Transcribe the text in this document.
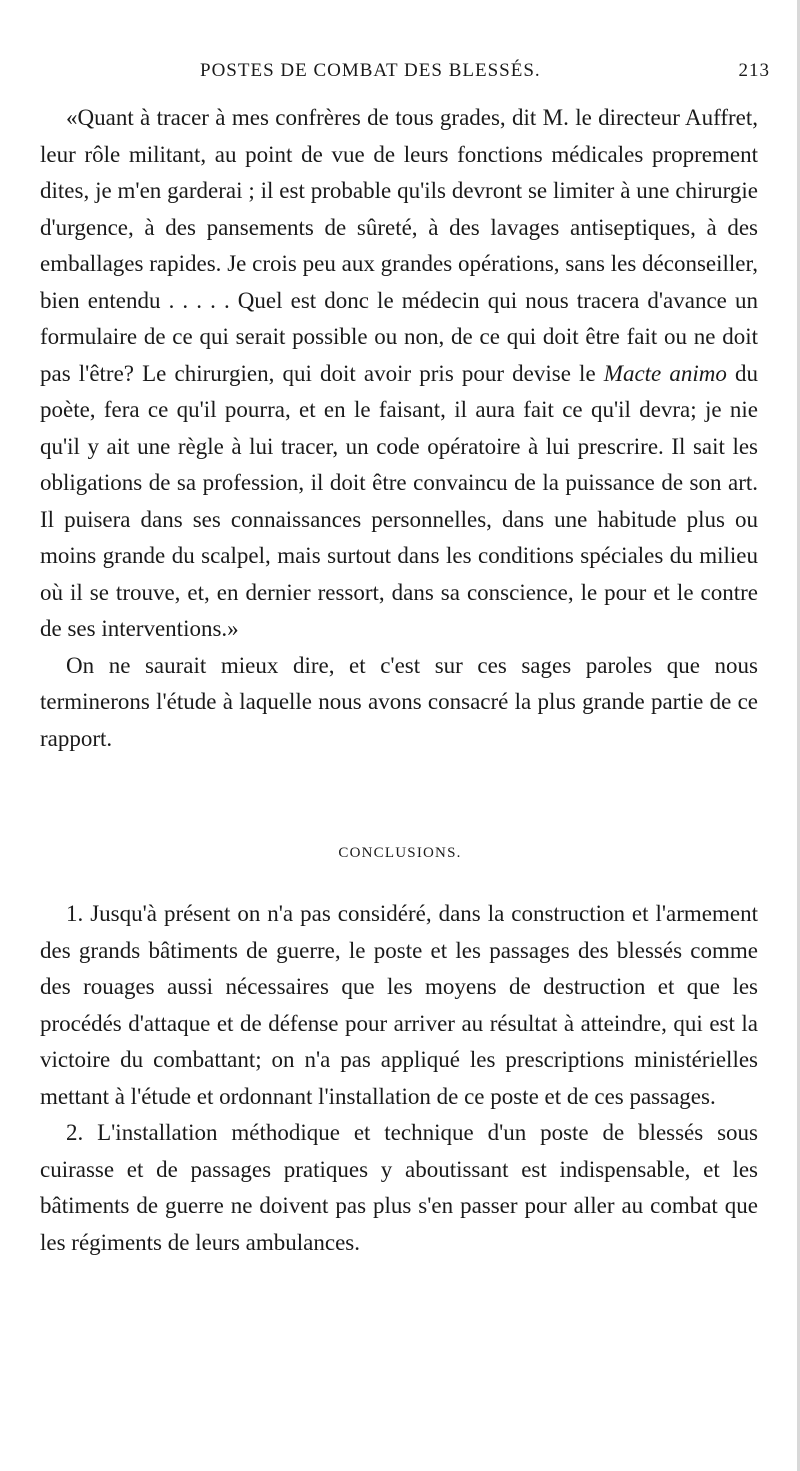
POSTES DE COMBAT DES BLESSÉS.	213

«Quant à tracer à mes confrères de tous grades, dit M. le directeur Auffret, leur rôle militant, au point de vue de leurs fonctions médicales proprement dites, je m'en garderai ; il est probable qu'ils devront se limiter à une chirurgie d'urgence, à des pansements de sûreté, à des lavages antiseptiques, à des emballages rapides. Je crois peu aux grandes opérations, sans les déconseiller, bien entendu . . . . . Quel est donc le médecin qui nous tracera d'avance un formulaire de ce qui serait possible ou non, de ce qui doit être fait ou ne doit pas l'être? Le chirurgien, qui doit avoir pris pour devise le Macte animo du poète, fera ce qu'il pourra, et en le faisant, il aura fait ce qu'il devra; je nie qu'il y ait une règle à lui tracer, un code opératoire à lui prescrire. Il sait les obligations de sa profession, il doit être convaincu de la puissance de son art. Il puisera dans ses connaissances personnelles, dans une habitude plus ou moins grande du scalpel, mais surtout dans les conditions spéciales du milieu où il se trouve, et, en dernier ressort, dans sa conscience, le pour et le contre de ses interventions.»

On ne saurait mieux dire, et c'est sur ces sages paroles que nous terminerons l'étude à laquelle nous avons consacré la plus grande partie de ce rapport.

CONCLUSIONS.

1. Jusqu'à présent on n'a pas considéré, dans la construction et l'armement des grands bâtiments de guerre, le poste et les passages des blessés comme des rouages aussi nécessaires que les moyens de destruction et que les procédés d'attaque et de défense pour arriver au résultat à atteindre, qui est la victoire du combattant; on n'a pas appliqué les prescriptions ministérielles mettant à l'étude et ordonnant l'installation de ce poste et de ces passages.

2. L'installation méthodique et technique d'un poste de blessés sous cuirasse et de passages pratiques y aboutissant est indispensable, et les bâtiments de guerre ne doivent pas plus s'en passer pour aller au combat que les régiments de leurs ambulances.
